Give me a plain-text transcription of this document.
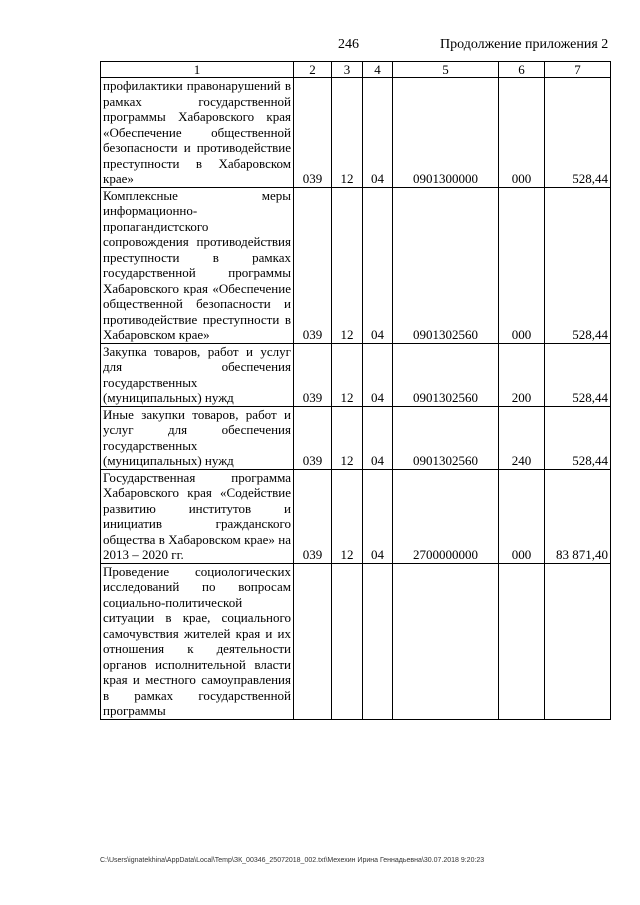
246	Продолжение приложения 2
1	2	3	4	5	6	7
профилактики правонарушений в рамках государственной программы Хабаровского края «Обеспечение общественной безопасности и противодействие преступности в Хабаровском крае»	039	12	04	0901300000	000	528,44
Комплексные меры информационно-пропагандистского сопровождения противодействия преступности в рамках государственной программы Хабаровского края «Обеспечение общественной безопасности и противодействие преступности в Хабаровском крае»	039	12	04	0901302560	000	528,44
Закупка товаров, работ и услуг для обеспечения государственных (муниципальных) нужд	039	12	04	0901302560	200	528,44
Иные закупки товаров, работ и услуг для обеспечения государственных (муниципальных) нужд	039	12	04	0901302560	240	528,44
Государственная программа Хабаровского края «Содействие развитию институтов и инициатив гражданского общества в Хабаровском крае» на 2013 – 2020 гг.	039	12	04	2700000000	000	83 871,40
Проведение социологических исследований по вопросам социально-политической ситуации в крае, социального самочувствия жителей края и их отношения к деятельности органов исполнительной власти края и местного самоуправления в рамках государственной программы						
C:\Users\ignatekhina\AppData\Local\Temp\ЗК_00346_25072018_002.txt\Мехехин Ирина Геннадьевна\30.07.2018 9:20:23
